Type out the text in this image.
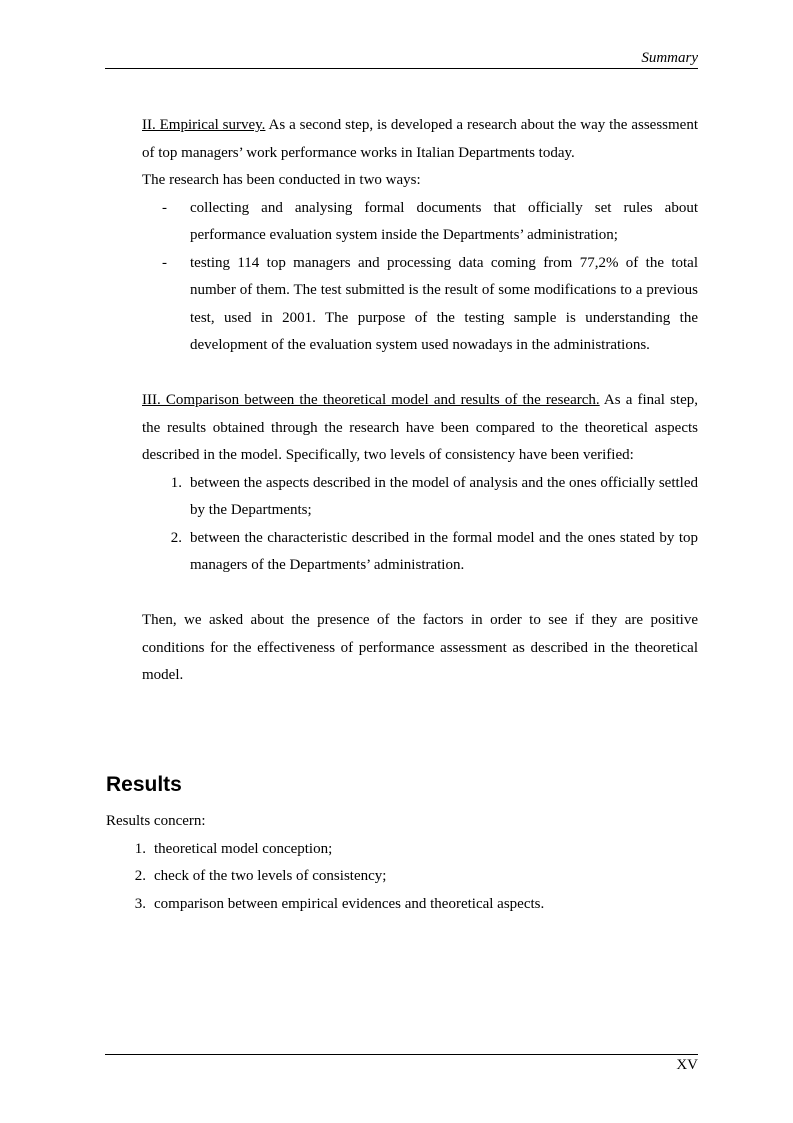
Summary

II. Empirical survey. As a second step, is developed a research about the way the assessment of top managers’ work performance works in Italian Departments today.

The research has been conducted in two ways:

-	collecting and analysing formal documents that officially set rules about performance evaluation system inside the Departments’ administration;
-	testing 114 top managers and processing data coming from 77,2% of the total number of them. The test submitted is the result of some modifications to a previous test, used in 2001. The purpose of the testing sample is understanding the development of the evaluation system used nowadays in the administrations.

III. Comparison between the theoretical model and results of the research. As a final step, the results obtained through the research have been compared to the theoretical aspects described in the model. Specifically, two levels of consistency have been verified:

1. between the aspects described in the model of analysis and the ones officially settled by the Departments;
2. between the characteristic described in the formal model and the ones stated by top managers of the Departments’ administration.

Then, we asked about the presence of the factors in order to see if they are positive conditions for the effectiveness of performance assessment as described in the theoretical model.

Results

Results concern:

1. theoretical model conception;
2. check of the two levels of consistency;
3. comparison between empirical evidences and theoretical aspects.
XV
